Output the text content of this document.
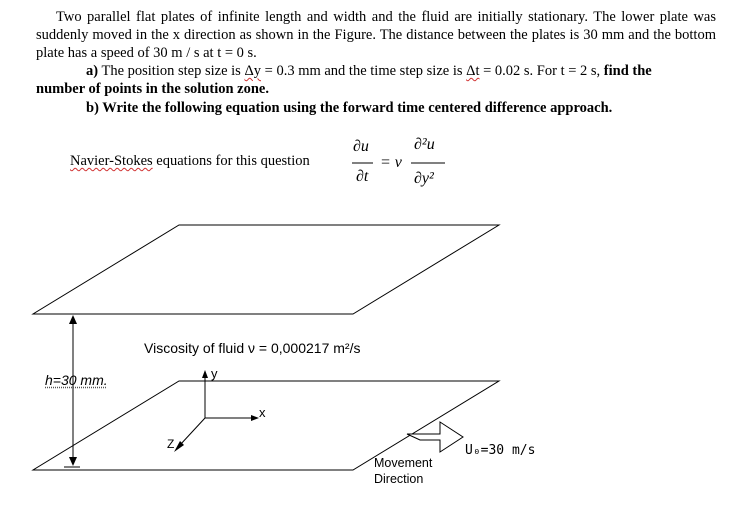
Two parallel flat plates of infinite length and width and the fluid are initially stationary. The lower plate was suddenly moved in the x direction as shown in the Figure. The distance between the plates is 30 mm and the bottom plate has a speed of 30 m / s at t = 0 s.
a) The position step size is Δy = 0.3 mm and the time step size is Δt = 0.02 s. For t = 2 s, find the
number of points in the solution zone.
b) Write the following equation using the forward time centered difference approach.
Navier-Stokes equations for this question
∂u
∂t
= ν
∂²u
∂y²
Viscosity of fluid ν = 0,000217 m²/s
h=30 mm.	y
x
Z	U₀=30 m/s
Movement
Direction
